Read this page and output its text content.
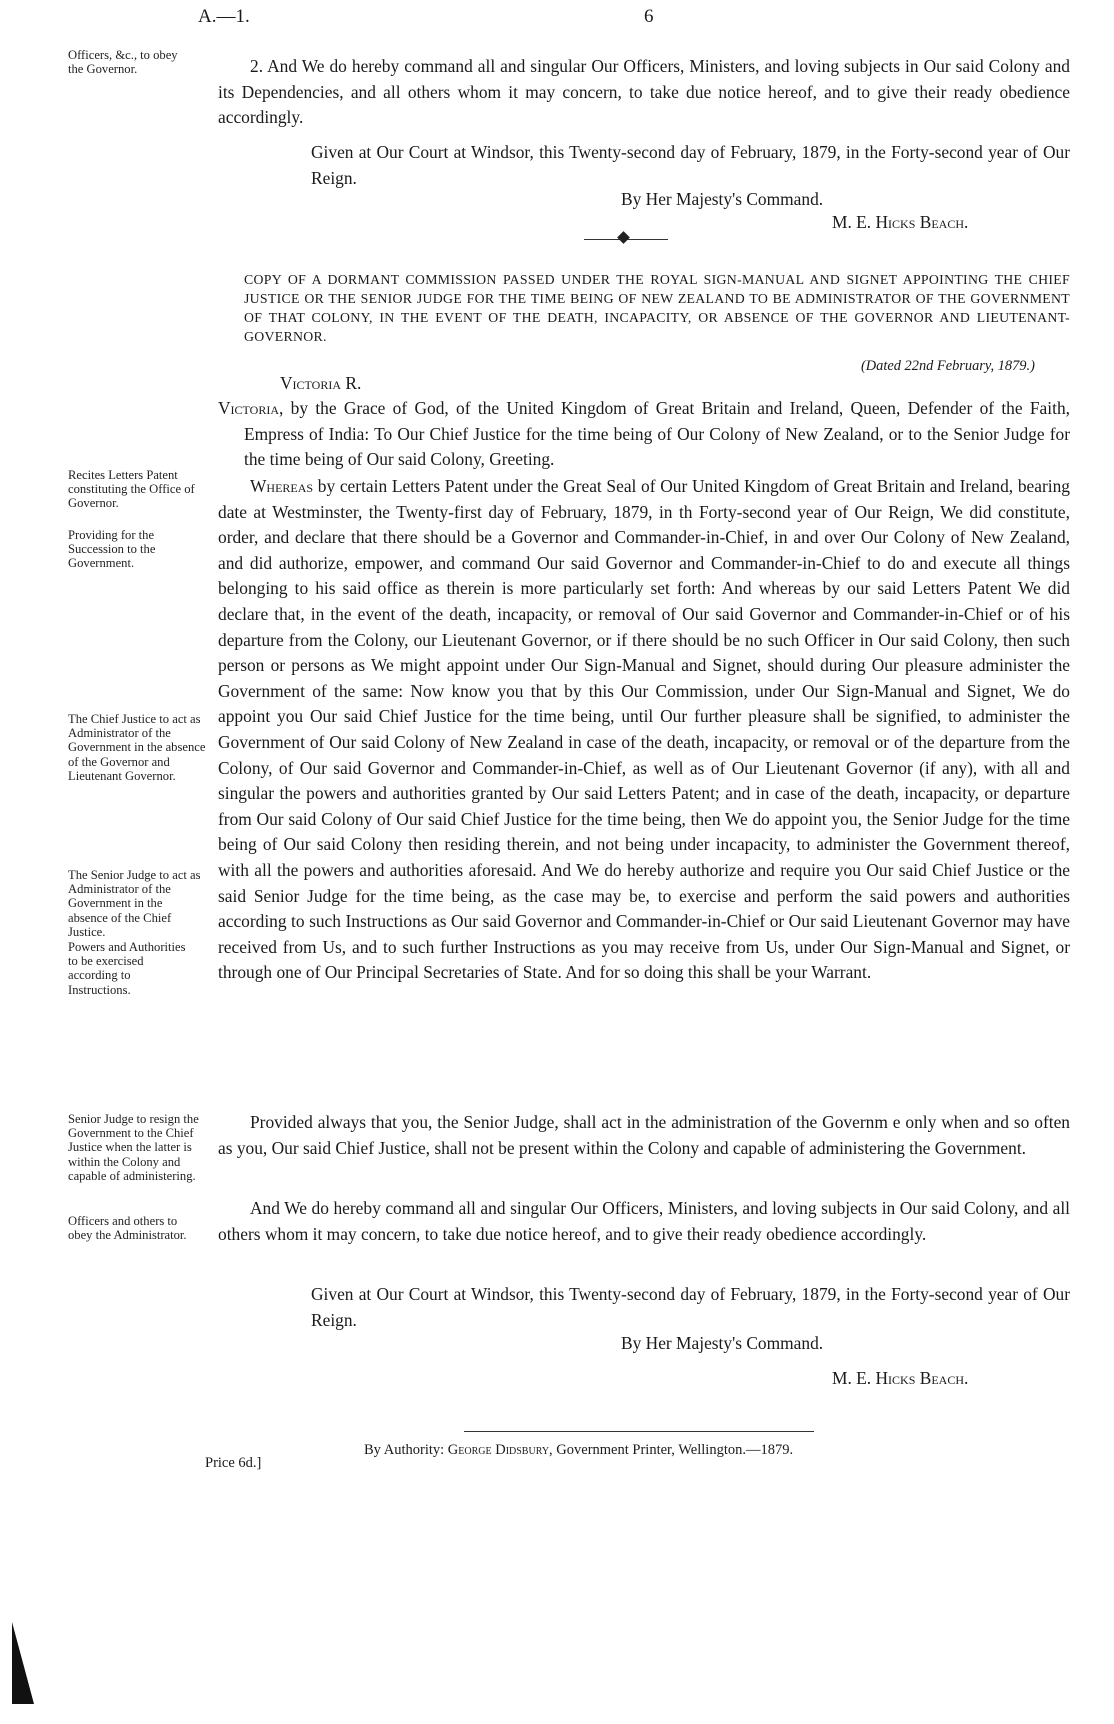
A.—1.	6
Officers, &c., to obey the Governor.
Recites Letters Patent constituting the Office of Governor.
Providing for the Succession to the Government.
The Chief Justice to act as Administrator of the Government in the absence of the Governor and Lieutenant Governor.
The Senior Judge to act as Administrator of the Government in the absence of the Chief Justice.
Powers and Authorities to be exercised according to Instructions.
Senior Judge to resign the Government to the Chief Justice when the latter is within the Colony and capable of administering.
Officers and others to obey the Administrator.

2. And We do hereby command all and singular Our Officers, Ministers, and loving subjects in Our said Colony and its Dependencies, and all others whom it may concern, to take due notice hereof, and to give their ready obedience accordingly.

Given at Our Court at Windsor, this Twenty-second day of February, 1879, in the Forty-second year of Our Reign.

By Her Majesty's Command.
M. E. Hicks Beach.

COPY OF A DORMANT COMMISSION PASSED UNDER THE ROYAL SIGN-MANUAL AND SIGNET APPOINTING THE CHIEF JUSTICE OR THE SENIOR JUDGE FOR THE TIME BEING OF NEW ZEALAND TO BE ADMINISTRATOR OF THE GOVERNMENT OF THAT COLONY, IN THE EVENT OF THE DEATH, INCAPACITY, OR ABSENCE OF THE GOVERNOR AND LIEUTENANT-GOVERNOR.

(Dated 22nd February, 1879.)
Victoria R.

Victoria, by the Grace of God, of the United Kingdom of Great Britain and Ireland, Queen, Defender of the Faith, Empress of India: To Our Chief Justice for the time being of Our Colony of New Zealand, or to the Senior Judge for the time being of Our said Colony, Greeting.

Whereas by certain Letters Patent under the Great Seal of Our United Kingdom of Great Britain and Ireland, bearing date at Westminster, the Twenty-first day of February, 1879, in th Forty-second year of Our Reign, We did constitute, order, and declare that there should be a Governor and Commander-in-Chief, in and over Our Colony of New Zealand, and did authorize, empower, and command Our said Governor and Commander-in-Chief to do and execute all things belonging to his said office as therein is more particularly set forth: And whereas by our said Letters Patent We did declare that, in the event of the death, incapacity, or removal of Our said Governor and Commander-in-Chief or of his departure from the Colony, our Lieutenant Governor, or if there should be no such Officer in Our said Colony, then such person or persons as We might appoint under Our Sign-Manual and Signet, should during Our pleasure administer the Government of the same: Now know you that by this Our Commission, under Our Sign-Manual and Signet, We do appoint you Our said Chief Justice for the time being, until Our further pleasure shall be signified, to administer the Government of Our said Colony of New Zealand in case of the death, incapacity, or removal or of the departure from the Colony, of Our said Governor and Commander-in-Chief, as well as of Our Lieutenant Governor (if any), with all and singular the powers and authorities granted by Our said Letters Patent; and in case of the death, incapacity, or departure from Our said Colony of Our said Chief Justice for the time being, then We do appoint you, the Senior Judge for the time being of Our said Colony then residing therein, and not being under incapacity, to administer the Government thereof, with all the powers and authorities aforesaid. And We do hereby authorize and require you Our said Chief Justice or the said Senior Judge for the time being, as the case may be, to exercise and perform the said powers and authorities according to such Instructions as Our said Governor and Commander-in-Chief or Our said Lieutenant Governor may have received from Us, and to such further Instructions as you may receive from Us, under Our Sign-Manual and Signet, or through one of Our Principal Secretaries of State. And for so doing this shall be your Warrant.

Provided always that you, the Senior Judge, shall act in the administration of the Governm e only when and so often as you, Our said Chief Justice, shall not be present within the Colony and capable of administering the Government.

And We do hereby command all and singular Our Officers, Ministers, and loving subjects in Our said Colony, and all others whom it may concern, to take due notice hereof, and to give their ready obedience accordingly.

Given at Our Court at Windsor, this Twenty-second day of February, 1879, in the Forty-second year of Our Reign.

By Her Majesty's Command.
M. E. Hicks Beach.
Price 6d.]
By Authority: George Didsbury, Government Printer, Wellington.—1879.
